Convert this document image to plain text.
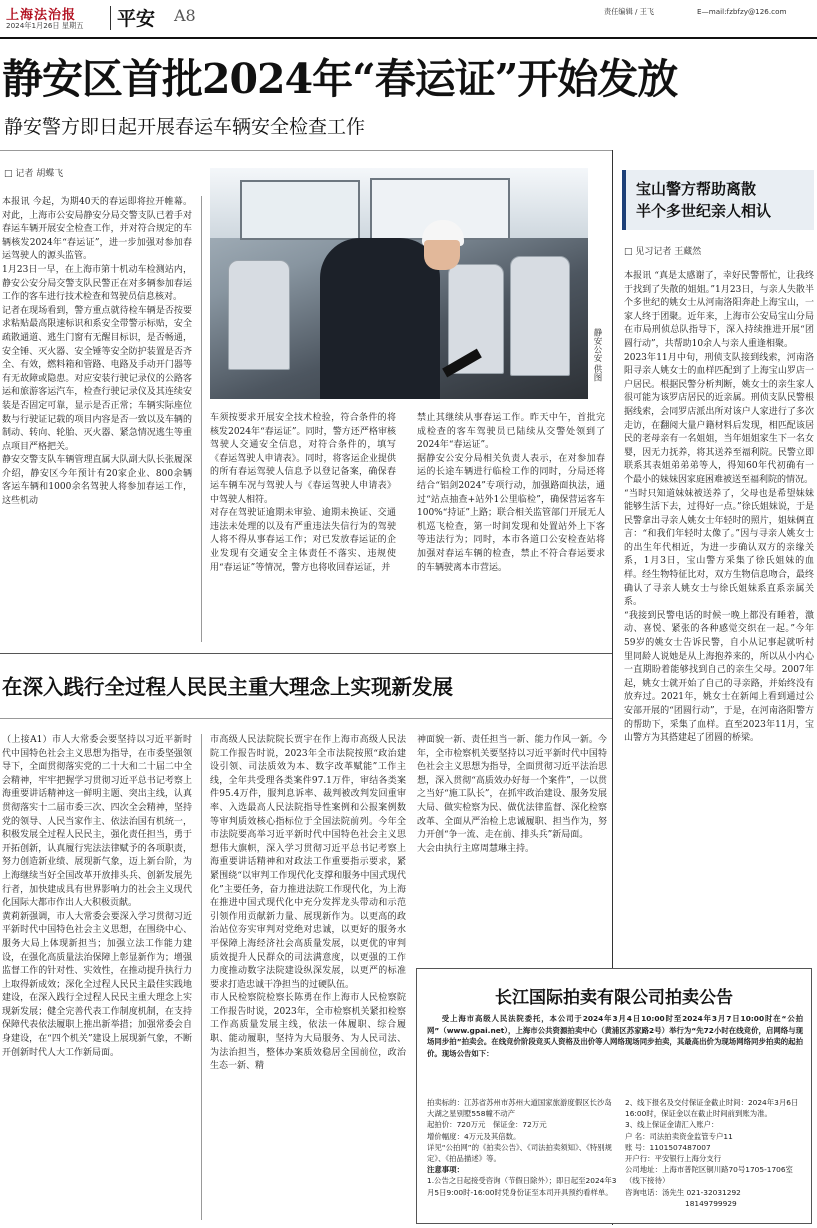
上海法治报
2024年1月26日 星期五 平安 A8	责任编辑 / 王飞	E—mail:fzbfzy@126.com
静安区首批2024年“春运证”开始发放
静安警方即日起开展春运车辆安全检查工作
□ 记者 胡蝶飞
静安公安 供图
本报讯 今起，为期40天的春运即将拉开帷幕。对此，上海市公安局静安分局交警支队已着手对春运车辆开展安全检查工作，并对符合规定的车辆核发2024年“春运证”，进一步加强对参加春运驾驶人的源头监管。
1月23日一早，在上海市第十机动车检测站内，静安公安分局交警支队民警正在对多辆参加春运工作的客车进行技术检查和驾驶员信息核对。
记者在现场看到，警方重点就待检车辆是否按要求粘贴最高限速标识和系安全带警示标贴，安全疏散通道、逃生门窗有无醒目标识，是否畅通，安全锤、灭火器、安全锤等安全防护装置是否齐全、有效，燃料箱和管路、电路及手动开门器等有无故障或隐患。对应安装行驶记录仪的公路客运和旅游客运汽车，检查行驶记录仪及其连续安装是否固定可靠，显示是否正常；车辆实际座位数与行驶证记载的项目内容是否一致以及车辆的制动、转向、轮胎、灭火器、紧急情况逃生等重点项目严格把关。
静安交警支队车辆管理直属大队副大队长张履深介绍，静安区今年预计有20家企业、800余辆客运车辆和1000余名驾驶人将参加春运工作，这些机动
车须按要求开展安全技术检验，符合条件的将核发2024年“春运证”。同时，警方还严格审核驾驶人交通安全信息，对符合条件的，填写《春运驾驶人申请表》。同时，将客运企业提供的所有春运驾驶人信息予以登记备案，确保春运车辆车况与驾驶人与《春运驾驶人申请表》中驾驶人相符。
对存在驾驶证逾期未审验、逾期未换证、交通违法未处理的以及有严重违法失信行为的驾驶人将不得从事春运工作；对已发放春运证的企业发现有交通安全主体责任不落实、违规使用“春运证”等情况，警方也将收回春运证，并
禁止其继续从事春运工作。昨天中午，首批完成检查的客车驾驶员已陆续从交警处领到了2024年“春运证”。
据静安公安分局相关负责人表示，在对参加春运的长途车辆进行临检工作的同时，分局还将结合“铝剑2024”专项行动，加强路面执法，通过“站点抽查+站外1公里临检”，确保营运客车100%“持证”上路；联合相关监管部门开展无人机巡飞检查，第一时间发现和处置站外上下客等违法行为；同时，本市各道口公安检查站将加强对春运车辆的检查，禁止不符合春运要求的车辆驶离本市营运。
宝山警方帮助离散
半个多世纪亲人相认
□ 见习记者 王藏然
本报讯 “真是太感谢了，幸好民警帮忙，让我终于找到了失散的姐姐。”1月23日，与亲人失散半个多世纪的姚女士从河南洛阳奔赴上海宝山，一家人终于团聚。近年来，上海市公安局宝山分局在市局刑侦总队指导下，深入持续推进开展“团圆行动”，共帮助10余人与亲人重逢相聚。
2023年11月中旬，刑侦支队接到线索，河南洛阳寻亲人姚女士的血样匹配到了上海宝山罗店一户居民。根据民警分析判断，姚女士的亲生家人很可能为该罗店居民的近亲属。刑侦支队民警根据线索，会同罗店派出所对该户人家进行了多次走访，在翻阅大量户籍材料后发现，相匹配该居民的老母亲有一名姐姐，当年姐姐家生下一名女婴，因无力抚养，将其送养至福利院。民警立即联系其表姐弟弟弟等人，得知60年代初确有一个最小的妹妹因家庭困难被送至福利院的情况。
“当时只知道妹妹被送养了，父母也是希望妹妹能够生活下去，过得好一点。”徐氏姐妹说，于是民警拿出寻亲人姚女士年轻时的照片，姐妹俩直言：“和我们年轻时太像了。”因与寻亲人姚女士的出生年代相近，为进一步确认双方的亲缘关系，1月3日，宝山警方采集了徐氏姐妹的血样。经生物特征比对，双方生物信息吻合，最终确认了寻亲人姚女士与徐氏姐妹系直系亲属关系。
“我接到民警电话的时候一晚上都没有睡着，激动、喜悦、紧张的各种感觉交织在一起。”今年59岁的姚女士告诉民警，自小从记事起就听村里同龄人说她是从上海抱养来的，所以从小内心一直期盼着能够找到自己的亲生父母。2007年起，姚女士就开始了自己的寻亲路，并始终没有放弃过。2021年，姚女士在新闻上看到通过公安部开展的“团圆行动”，于是，在河南洛阳警方的帮助下，采集了血样。直至2023年11月，宝山警方为其搭建起了团圆的桥梁。
在深入践行全过程人民民主重大理念上实现新发展
（上接A1）市人大常委会要坚持以习近平新时代中国特色社会主义思想为指导，在市委坚强领导下，全面贯彻落实党的二十大和二十届二中全会精神，牢牢把握学习贯彻习近平总书记考察上海重要讲话精神这一鲜明主题、突出主线，认真贯彻落实十二届市委三次、四次全会精神，坚持党的领导、人民当家作主、依法治国有机统一，积极发展全过程人民民主，强化责任担当，勇于开拓创新，认真履行宪法法律赋予的各项职责，努力创造新业绩、展现新气象，迈上新台阶，为上海继续当好全国改革开放排头兵、创新发展先行者，加快建成具有世界影响力的社会主义现代化国际大都市作出人大积极贡献。
黄莉新强调，市人大常委会要深入学习贯彻习近平新时代中国特色社会主义思想，在围绕中心、服务大局上体现新担当；加强立法工作能力建设，在强化高质量法治保障上彰显新作为；增强监督工作的针对性、实效性，在推动提升执行力上取得新成效；深化全过程人民民主最佳实践地建设，在深入践行全过程人民民主重大理念上实现新发展；健全完善代表工作制度机制，在支持保障代表依法履职上推出新举措；加强常委会自身建设，在“四个机关”建设上展现新气象，不断开创新时代人大工作新局面。
市高级人民法院院长贾宇在作上海市高级人民法院工作报告时说，2023年全市法院按照“政治建设引领、司法质效为本、数字改革赋能”工作主线，全年共受理各类案件97.1万件，审结各类案件95.4万件，服判息诉率、裁判被改判发回重审率、入选最高人民法院指导性案例和公报案例数等审判质效核心指标位于全国法院前列。今年全市法院要高举习近平新时代中国特色社会主义思想伟大旗帜，深入学习贯彻习近平总书记考察上海重要讲话精神和对政法工作重要指示要求，紧紧围绕“以审判工作现代化支撑和服务中国式现代化”主要任务，奋力推进法院工作现代化，为上海在推进中国式现代化中充分发挥龙头带动和示范引领作用贡献新力量、展现新作为。以更高的政治站位夯实审判对党绝对忠诚，以更好的服务水平保障上海经济社会高质量发展，以更优的审判质效提升人民群众的司法满意度，以更强的工作力度推动数字法院建设纵深发展，以更严的标准要求打造忠诚干净担当的过硬队伍。
市人民检察院检察长陈勇在作上海市人民检察院工作报告时说，2023年，全市检察机关紧扣检察工作高质量发展主线，依法一体履职、综合履职、能动履职，坚持为大局服务、为人民司法、为法治担当，整体办案质效稳居全国前位，政治生态一新、精
神面貌一新、责任担当一新、能力作风一新。今年，全市检察机关要坚持以习近平新时代中国特色社会主义思想为指导，全面贯彻习近平法治思想，深入贯彻“高质效办好每一个案件”，一以贯之当好“施工队长”，在抓牢政治建设、服务发展大局、做实检察为民、做优法律监督、深化检察改革、全面从严治检上忠诚履职、担当作为，努力开创“争一流、走在前、排头兵”新局面。
大会由执行主席周慧琳主持。
长江国际拍卖有限公司拍卖公告
受上海市高级人民法院委托，本公司于2024年3月4日10:00时至2024年3月7日10:00时在“公拍网”（www.gpai.net），上海市公共资源拍卖中心（黄浦区苏家路2号）举行为“先72小时在线竞价，启网络与现场同步拍”拍卖会。在线竞价阶段竞买人资格及出价等人网络现场同步拍卖，其最高出价为现场网络同步拍卖的起拍价。现场公告如下：
拍卖标的：江苏省苏州市苏州大道国家旅游度假区长沙岛大湖之星别墅558幢不动产
起拍价：720万元　保证金：72万元
增价幅度：4万元及其倍数。
详见“公拍网”的《拍卖公告》、《司法拍卖须知》、《特别规定》、《拍品描述》等。
注意事项：
1.公告之日起接受咨询（节假日除外）；即日起至2024年3月5日9:00时-16:00时凭身份证至本司开具预约看样单。
2、线下报名及交付保证金截止时间：2024年3月6日16:00时，保证金以在截止时间前到账为准。
3、线上保证金请汇入账户：
户 名：司法拍卖资金监管专户11
账 号：1101507487007
开户行：平安银行上海分支行
公司地址：上海市普陀区铜川路70号1705-1706室（线下接待）
咨询电话：汤先生 021-32031292
18149799929
